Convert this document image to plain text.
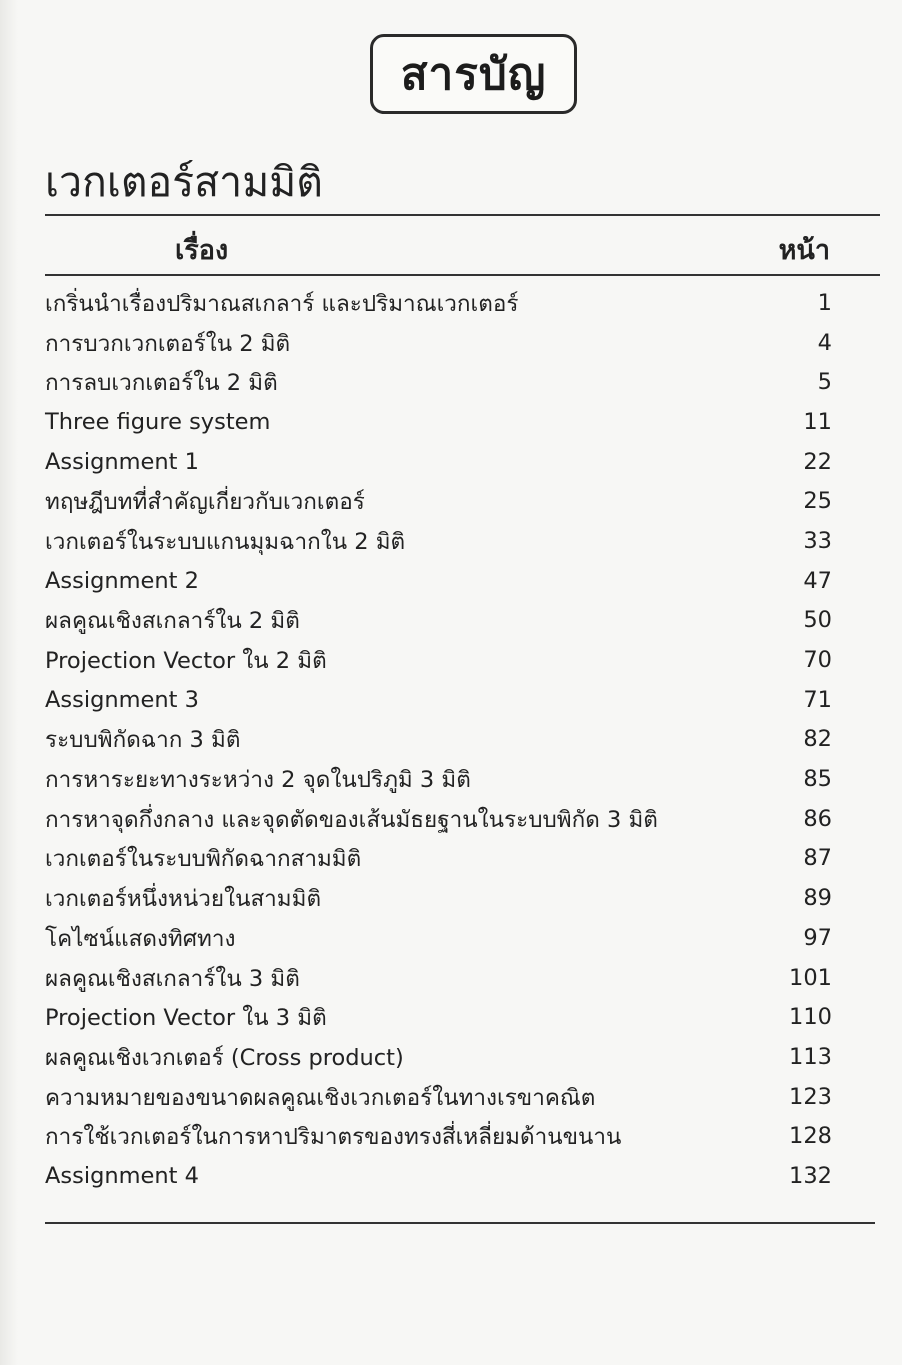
สารบัญ
เวกเตอร์สามมิติ
เรื่อง	หน้า
เกริ่นนำเรื่องปริมาณสเกลาร์ และปริมาณเวกเตอร์	1
การบวกเวกเตอร์ใน 2 มิติ	4
การลบเวกเตอร์ใน 2 มิติ	5
Three figure system	11
Assignment 1	22
ทฤษฎีบทที่สำคัญเกี่ยวกับเวกเตอร์	25
เวกเตอร์ในระบบแกนมุมฉากใน 2 มิติ	33
Assignment 2	47
ผลคูณเชิงสเกลาร์ใน 2 มิติ	50
Projection Vector ใน 2 มิติ	70
Assignment 3	71
ระบบพิกัดฉาก 3 มิติ	82
การหาระยะทางระหว่าง 2 จุดในปริภูมิ 3 มิติ	85
การหาจุดกึ่งกลาง และจุดตัดของเส้นมัธยฐานในระบบพิกัด 3 มิติ	86
เวกเตอร์ในระบบพิกัดฉากสามมิติ	87
เวกเตอร์หนึ่งหน่วยในสามมิติ	89
โคไซน์แสดงทิศทาง	97
ผลคูณเชิงสเกลาร์ใน 3 มิติ	101
Projection Vector ใน 3 มิติ	110
ผลคูณเชิงเวกเตอร์ (Cross product)	113
ความหมายของขนาดผลคูณเชิงเวกเตอร์ในทางเรขาคณิต	123
การใช้เวกเตอร์ในการหาปริมาตรของทรงสี่เหลี่ยมด้านขนาน	128
Assignment 4	132
